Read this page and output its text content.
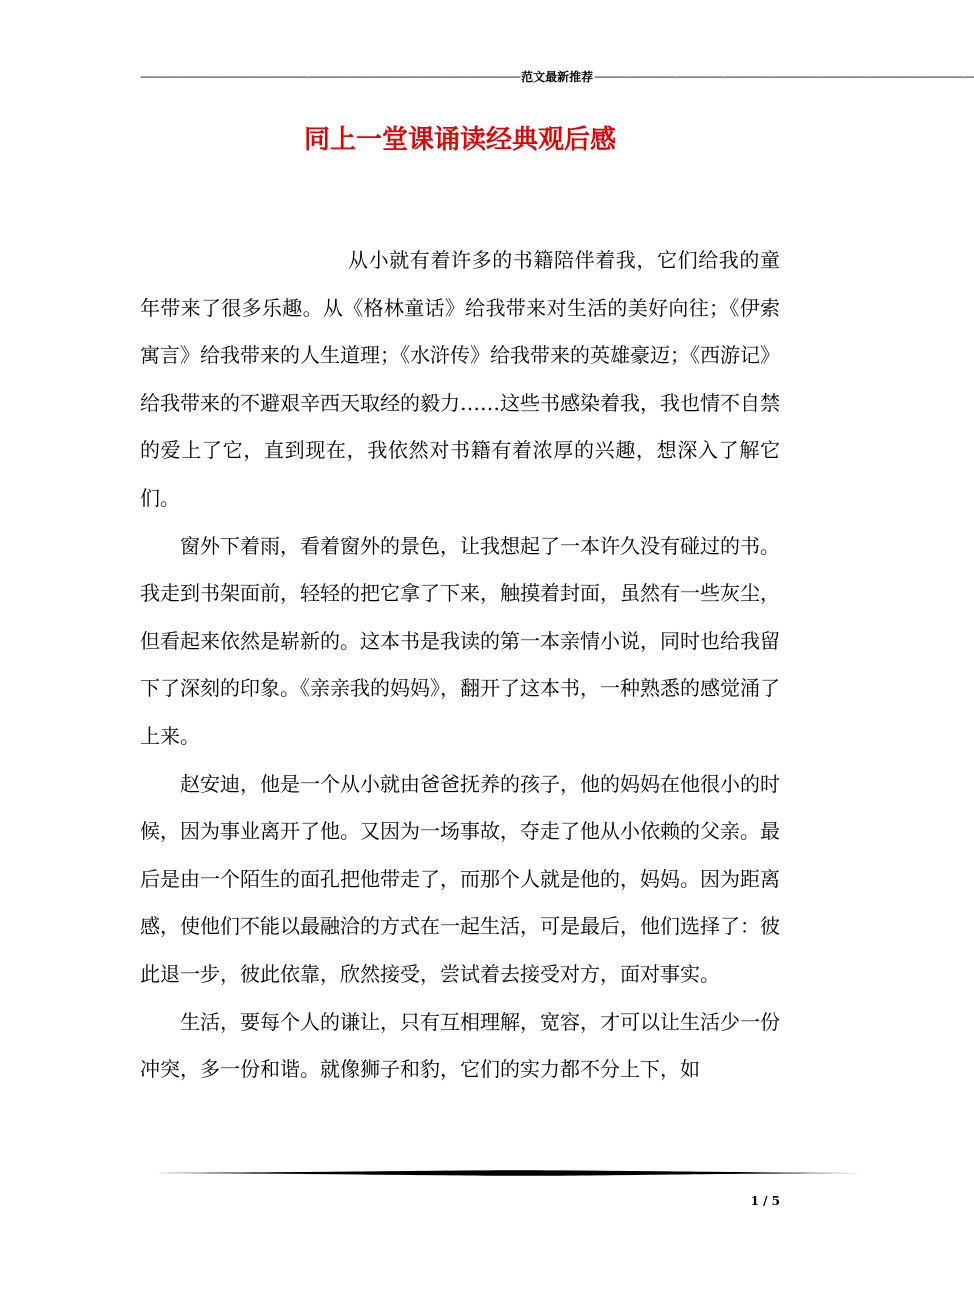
-------------------------------------------------------------------------------------------------------------------------------- 范文最新推荐 --------------------------------------------------------------------------------------------------------------------------------
同上一堂课诵读经典观后感

从小就有着许多的书籍陪伴着我，它们给我的童年带来了很多乐趣。从《格林童话》给我带来对生活的美好向往；《伊索寓言》给我带来的人生道理；《水浒传》给我带来的英雄豪迈；《西游记》给我带来的不避艰辛西天取经的毅力……这些书感染着我，我也情不自禁的爱上了它，直到现在，我依然对书籍有着浓厚的兴趣，想深入了解它们。

窗外下着雨，看着窗外的景色，让我想起了一本许久没有碰过的书。我走到书架面前，轻轻的把它拿了下来，触摸着封面，虽然有一些灰尘，但看起来依然是崭新的。这本书是我读的第一本亲情小说，同时也给我留下了深刻的印象。《亲亲我的妈妈》，翻开了这本书，一种熟悉的感觉涌了上来。

赵安迪，他是一个从小就由爸爸抚养的孩子，他的妈妈在他很小的时候，因为事业离开了他。又因为一场事故，夺走了他从小依赖的父亲。最后是由一个陌生的面孔把他带走了，而那个人就是他的，妈妈。因为距离感，使他们不能以最融洽的方式在一起生活，可是最后，他们选择了：彼此退一步，彼此依靠，欣然接受，尝试着去接受对方，面对事实。

生活，要每个人的谦让，只有互相理解，宽容，才可以让生活少一份冲突，多一份和谐。就像狮子和豹，它们的实力都不分上下，如

1 / 5
